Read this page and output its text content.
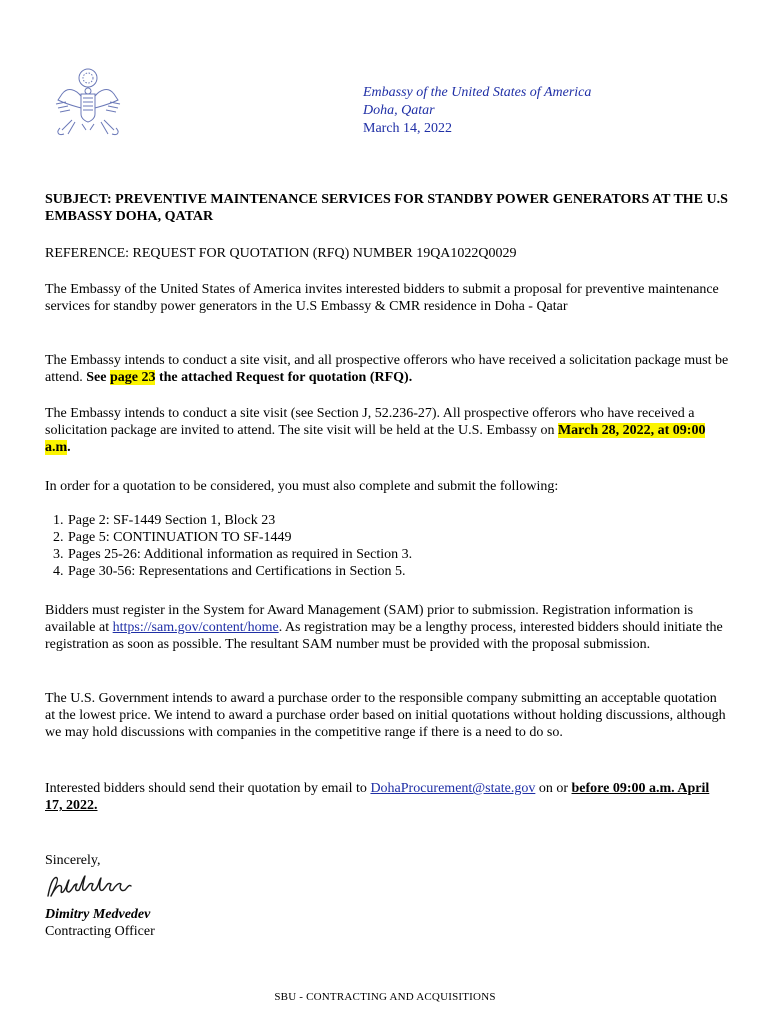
Embassy of the United States of America
Doha, Qatar
March 14, 2022
SUBJECT: PREVENTIVE MAINTENANCE SERVICES FOR STANDBY POWER GENERATORS AT THE U.S EMBASSY DOHA, QATAR
REFERENCE: REQUEST FOR QUOTATION (RFQ) NUMBER 19QA1022Q0029
The Embassy of the United States of America invites interested bidders to submit a proposal for preventive maintenance services for standby power generators in the U.S Embassy & CMR residence in Doha - Qatar
The Embassy intends to conduct a site visit, and all prospective offerors who have received a solicitation package must be attend. See page 23 the attached Request for quotation (RFQ).
The Embassy intends to conduct a site visit (see Section J, 52.236-27). All prospective offerors who have received a solicitation package are invited to attend. The site visit will be held at the U.S. Embassy on March 28, 2022, at 09:00 a.m.
In order for a quotation to be considered, you must also complete and submit the following:
1. Page 2: SF-1449 Section 1, Block 23
2. Page 5: CONTINUATION TO SF-1449
3. Pages 25-26: Additional information as required in Section 3.
4. Page 30-56: Representations and Certifications in Section 5.
Bidders must register in the System for Award Management (SAM) prior to submission. Registration information is available at https://sam.gov/content/home. As registration may be a lengthy process, interested bidders should initiate the registration as soon as possible. The resultant SAM number must be provided with the proposal submission.
The U.S. Government intends to award a purchase order to the responsible company submitting an acceptable quotation at the lowest price. We intend to award a purchase order based on initial quotations without holding discussions, although we may hold discussions with companies in the competitive range if there is a need to do so.
Interested bidders should send their quotation by email to DohaProcurement@state.gov on or before 09:00 a.m. April 17, 2022.
Sincerely,
Dimitry Medvedev
Contracting Officer
SBU - CONTRACTING AND ACQUISITIONS
